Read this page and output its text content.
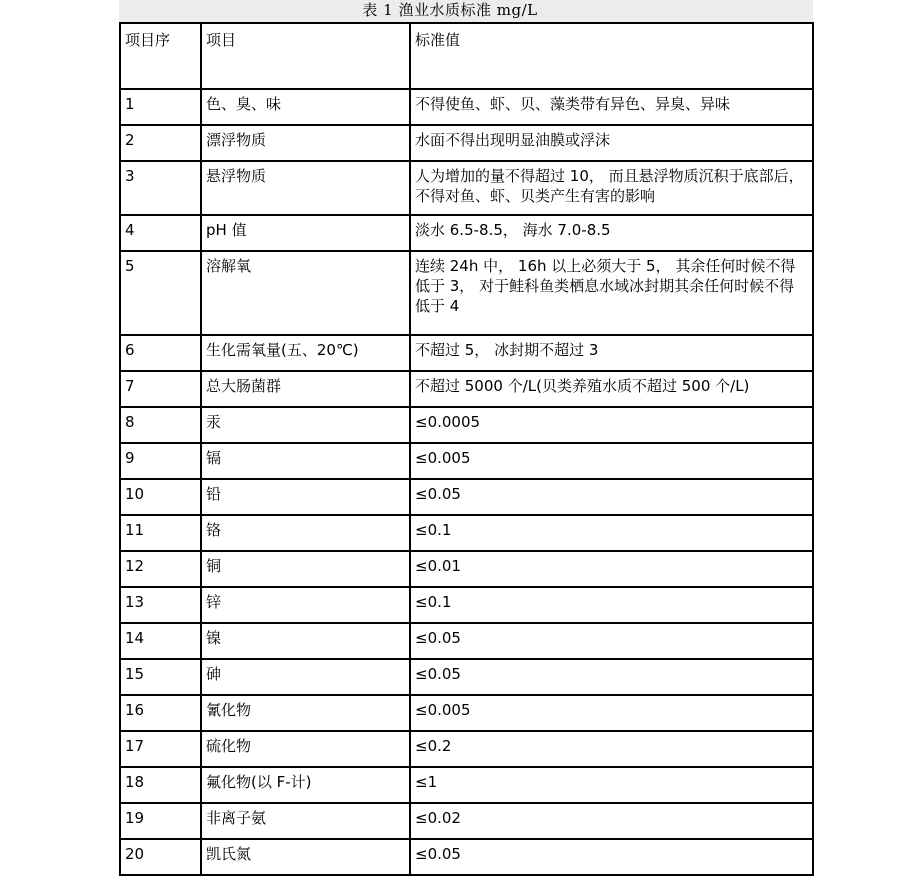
表 1 渔业水质标准 mg/L
项目序	项目	标准值
1	色、臭、味	不得使鱼、虾、贝、藻类带有异色、异臭、异味
2	漂浮物质	水面不得出现明显油膜或浮沫
3	悬浮物质	人为增加的量不得超过 10， 而且悬浮物质沉积于底部后， 不得对鱼、虾、贝类产生有害的影响
4	pH 值	淡水 6.5-8.5， 海水 7.0-8.5
5	溶解氧	连续 24h 中， 16h 以上必须大于 5， 其余任何时候不得低于 3， 对于鲑科鱼类栖息水域冰封期其余任何时候不得低于 4
6	生化需氧量(五、20℃)	不超过 5， 冰封期不超过 3
7	总大肠菌群	不超过 5000 个/L(贝类养殖水质不超过 500 个/L)
8	汞	≤0.0005
9	镉	≤0.005
10	铅	≤0.05
11	铬	≤0.1
12	铜	≤0.01
13	锌	≤0.1
14	镍	≤0.05
15	砷	≤0.05
16	氰化物	≤0.005
17	硫化物	≤0.2
18	氟化物(以 F-计)	≤1
19	非离子氨	≤0.02
20	凯氏氮	≤0.05
